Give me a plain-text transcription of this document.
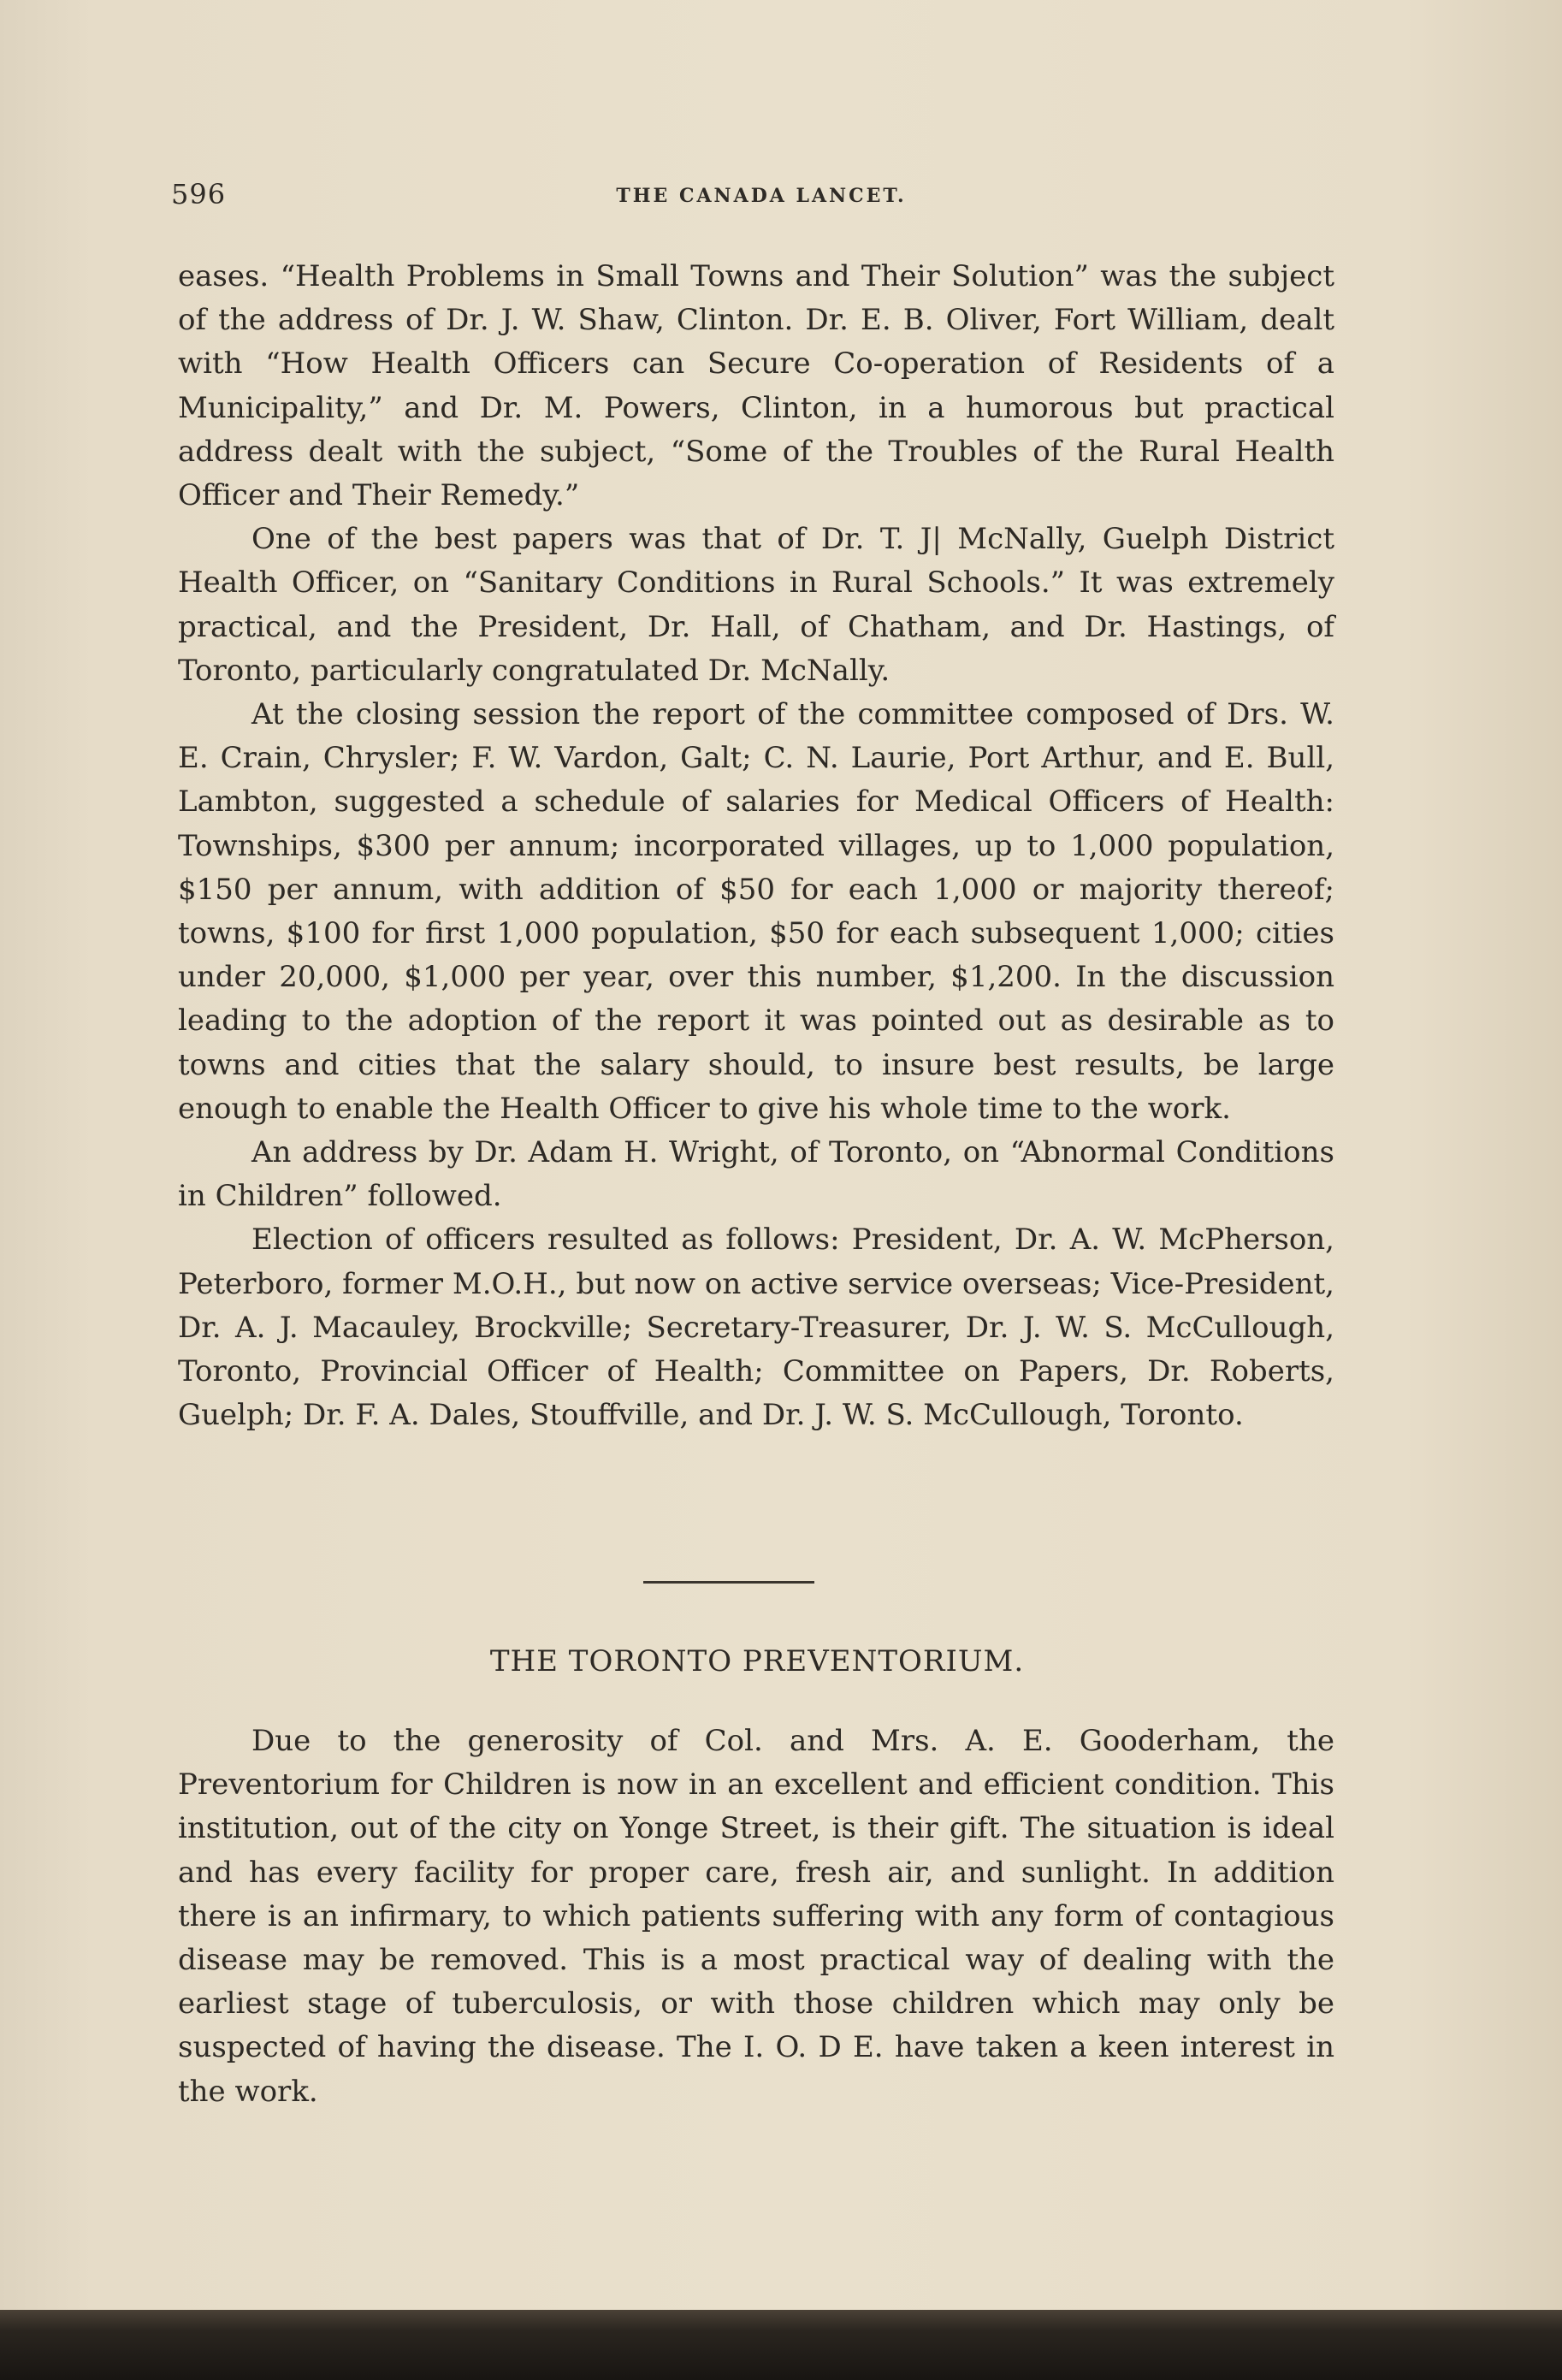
596	THE CANADA LANCET.

eases. “Health Problems in Small Towns and Their Solution” was the subject of the address of Dr. J. W. Shaw, Clinton. Dr. E. B. Oliver, Fort William, dealt with “How Health Officers can Secure Co-operation of Residents of a Municipality,” and Dr. M. Powers, Clinton, in a humorous but practical address dealt with the subject, “Some of the Troubles of the Rural Health Officer and Their Remedy.”

One of the best papers was that of Dr. T. J| McNally, Guelph District Health Officer, on “Sanitary Conditions in Rural Schools.” It was extremely practical, and the President, Dr. Hall, of Chatham, and Dr. Hastings, of Toronto, particularly congratulated Dr. McNally.

At the closing session the report of the committee composed of Drs. W. E. Crain, Chrysler; F. W. Vardon, Galt; C. N. Laurie, Port Arthur, and E. Bull, Lambton, suggested a schedule of salaries for Medical Officers of Health: Townships, $300 per annum; incorporated villages, up to 1,000 population, $150 per annum, with addition of $50 for each 1,000 or majority thereof; towns, $100 for first 1,000 population, $50 for each subsequent 1,000; cities under 20,000, $1,000 per year, over this number, $1,200. In the discussion leading to the adoption of the report it was pointed out as desirable as to towns and cities that the salary should, to insure best results, be large enough to enable the Health Officer to give his whole time to the work.

An address by Dr. Adam H. Wright, of Toronto, on “Abnormal Conditions in Children” followed.

Election of officers resulted as follows: President, Dr. A. W. McPherson, Peterboro, former M.O.H., but now on active service overseas; Vice-President, Dr. A. J. Macauley, Brockville; Secretary-Treasurer, Dr. J. W. S. McCullough, Toronto, Provincial Officer of Health; Committee on Papers, Dr. Roberts, Guelph; Dr. F. A. Dales, Stouffville, and Dr. J. W. S. McCullough, Toronto.

THE TORONTO PREVENTORIUM.

Due to the generosity of Col. and Mrs. A. E. Gooderham, the Preventorium for Children is now in an excellent and efficient condition. This institution, out of the city on Yonge Street, is their gift. The situation is ideal and has every facility for proper care, fresh air, and sunlight. In addition there is an infirmary, to which patients suffering with any form of contagious disease may be removed. This is a most practical way of dealing with the earliest stage of tuberculosis, or with those children which may only be suspected of having the disease. The I. O. D E. have taken a keen interest in the work.
